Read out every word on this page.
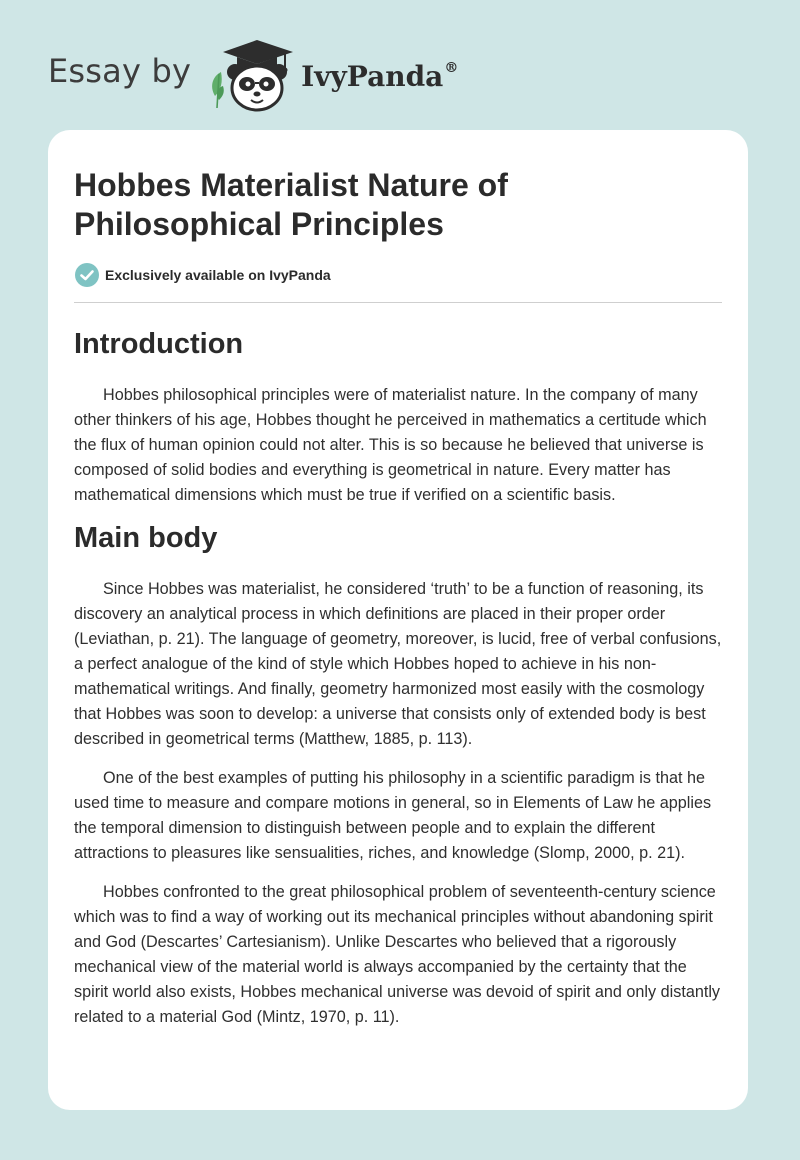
Essay by	IvyPanda®
Hobbes Materialist Nature of Philosophical Principles
Exclusively available on IvyPanda
Introduction

Hobbes philosophical principles were of materialist nature. In the company of many other thinkers of his age, Hobbes thought he perceived in mathematics a certitude which the flux of human opinion could not alter. This is so because he believed that universe is composed of solid bodies and everything is geometrical in nature. Every matter has mathematical dimensions which must be true if verified on a scientific basis.

Main body

Since Hobbes was materialist, he considered ‘truth’ to be a function of reasoning, its discovery an analytical process in which definitions are placed in their proper order (Leviathan, p. 21). The language of geometry, moreover, is lucid, free of verbal confusions, a perfect analogue of the kind of style which Hobbes hoped to achieve in his non-mathematical writings. And finally, geometry harmonized most easily with the cosmology that Hobbes was soon to develop: a universe that consists only of extended body is best described in geometrical terms (Matthew, 1885, p. 113).

One of the best examples of putting his philosophy in a scientific paradigm is that he used time to measure and compare motions in general, so in Elements of Law he applies the temporal dimension to distinguish between people and to explain the different attractions to pleasures like sensualities, riches, and knowledge (Slomp, 2000, p. 21).

Hobbes confronted to the great philosophical problem of seventeenth-century science which was to find a way of working out its mechanical principles without abandoning spirit and God (Descartes’ Cartesianism). Unlike Descartes who believed that a rigorously mechanical view of the material world is always accompanied by the certainty that the spirit world also exists, Hobbes mechanical universe was devoid of spirit and only distantly related to a material God (Mintz, 1970, p. 11).
